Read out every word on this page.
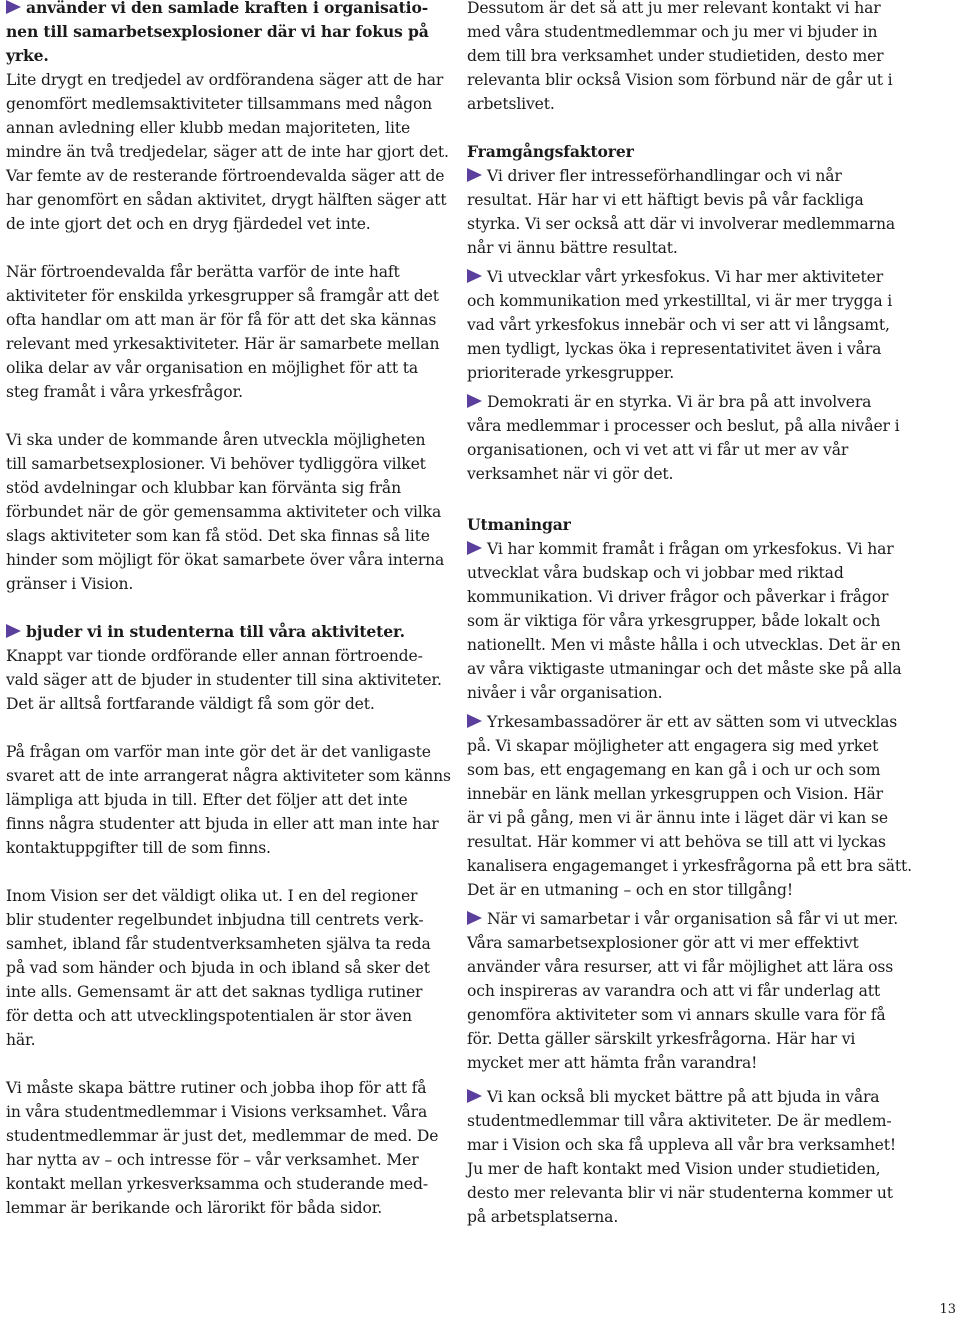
använder vi den samlade kraften i organisatio-
nen till samarbetsexplosioner där vi har fokus på
yrke.
Lite drygt en tredjedel av ordförandena säger att de har
genomfört medlemsaktiviteter tillsammans med någon
annan avledning eller klubb medan majoriteten, lite
mindre än två tredjedelar, säger att de inte har gjort det.
Var femte av de resterande förtroendevalda säger att de
har genomfört en sådan aktivitet, drygt hälften säger att
de inte gjort det och en dryg fjärdedel vet inte.
När förtroendevalda får berätta varför de inte haft
aktiviteter för enskilda yrkesgrupper så framgår att det
ofta handlar om att man är för få för att det ska kännas
relevant med yrkesaktiviteter. Här är samarbete mellan
olika delar av vår organisation en möjlighet för att ta
steg framåt i våra yrkesfrågor.
Vi ska under de kommande åren utveckla möjligheten
till samarbetsexplosioner. Vi behöver tydliggöra vilket
stöd avdelningar och klubbar kan förvänta sig från
förbundet när de gör gemensamma aktiviteter och vilka
slags aktiviteter som kan få stöd. Det ska finnas så lite
hinder som möjligt för ökat samarbete över våra interna
gränser i Vision.
bjuder vi in studenterna till våra aktiviteter.
Knappt var tionde ordförande eller annan förtroende-
vald säger att de bjuder in studenter till sina aktiviteter.
Det är alltså fortfarande väldigt få som gör det.
På frågan om varför man inte gör det är det vanligaste
svaret att de inte arrangerat några aktiviteter som känns
lämpliga att bjuda in till. Efter det följer att det inte
finns några studenter att bjuda in eller att man inte har
kontaktuppgifter till de som finns.
Inom Vision ser det väldigt olika ut. I en del regioner
blir studenter regelbundet inbjudna till centrets verk-
samhet, ibland får studentverksamheten själva ta reda
på vad som händer och bjuda in och ibland så sker det
inte alls. Gemensamt är att det saknas tydliga rutiner
för detta och att utvecklingspotentialen är stor även
här.
Vi måste skapa bättre rutiner och jobba ihop för att få
in våra studentmedlemmar i Visions verksamhet. Våra
studentmedlemmar är just det, medlemmar de med. De
har nytta av – och intresse för – vår verksamhet. Mer
kontakt mellan yrkesverksamma och studerande med-
lemmar är berikande och lärorikt för båda sidor.
Dessutom är det så att ju mer relevant kontakt vi har
med våra studentmedlemmar och ju mer vi bjuder in
dem till bra verksamhet under studietiden, desto mer
relevanta blir också Vision som förbund när de går ut i
arbetslivet.
Framgångsfaktorer
Vi driver fler intresseförhandlingar och vi når
resultat. Här har vi ett häftigt bevis på vår fackliga
styrka. Vi ser också att där vi involverar medlemmarna
når vi ännu bättre resultat.
Vi utvecklar vårt yrkesfokus. Vi har mer aktiviteter
och kommunikation med yrkestilltal, vi är mer trygga i
vad vårt yrkesfokus innebär och vi ser att vi långsamt,
men tydligt, lyckas öka i representativitet även i våra
prioriterade yrkesgrupper.
Demokrati är en styrka. Vi är bra på att involvera
våra medlemmar i processer och beslut, på alla nivåer i
organisationen, och vi vet att vi får ut mer av vår
verksamhet när vi gör det.
Utmaningar
Vi har kommit framåt i frågan om yrkesfokus. Vi har
utvecklat våra budskap och vi jobbar med riktad
kommunikation. Vi driver frågor och påverkar i frågor
som är viktiga för våra yrkesgrupper, både lokalt och
nationellt. Men vi måste hålla i och utvecklas. Det är en
av våra viktigaste utmaningar och det måste ske på alla
nivåer i vår organisation.
Yrkesambassadörer är ett av sätten som vi utvecklas
på. Vi skapar möjligheter att engagera sig med yrket
som bas, ett engagemang en kan gå i och ur och som
innebär en länk mellan yrkesgruppen och Vision. Här
är vi på gång, men vi är ännu inte i läget där vi kan se
resultat. Här kommer vi att behöva se till att vi lyckas
kanalisera engagemanget i yrkesfrågorna på ett bra sätt.
Det är en utmaning – och en stor tillgång!
När vi samarbetar i vår organisation så får vi ut mer.
Våra samarbetsexplosioner gör att vi mer effektivt
använder våra resurser, att vi får möjlighet att lära oss
och inspireras av varandra och att vi får underlag att
genomföra aktiviteter som vi annars skulle vara för få
för. Detta gäller särskilt yrkesfrågorna. Här har vi
mycket mer att hämta från varandra!
Vi kan också bli mycket bättre på att bjuda in våra
studentmedlemmar till våra aktiviteter. De är medlem-
mar i Vision och ska få uppleva all vår bra verksamhet!
Ju mer de haft kontakt med Vision under studietiden,
desto mer relevanta blir vi när studenterna kommer ut
på arbetsplatserna.
13
